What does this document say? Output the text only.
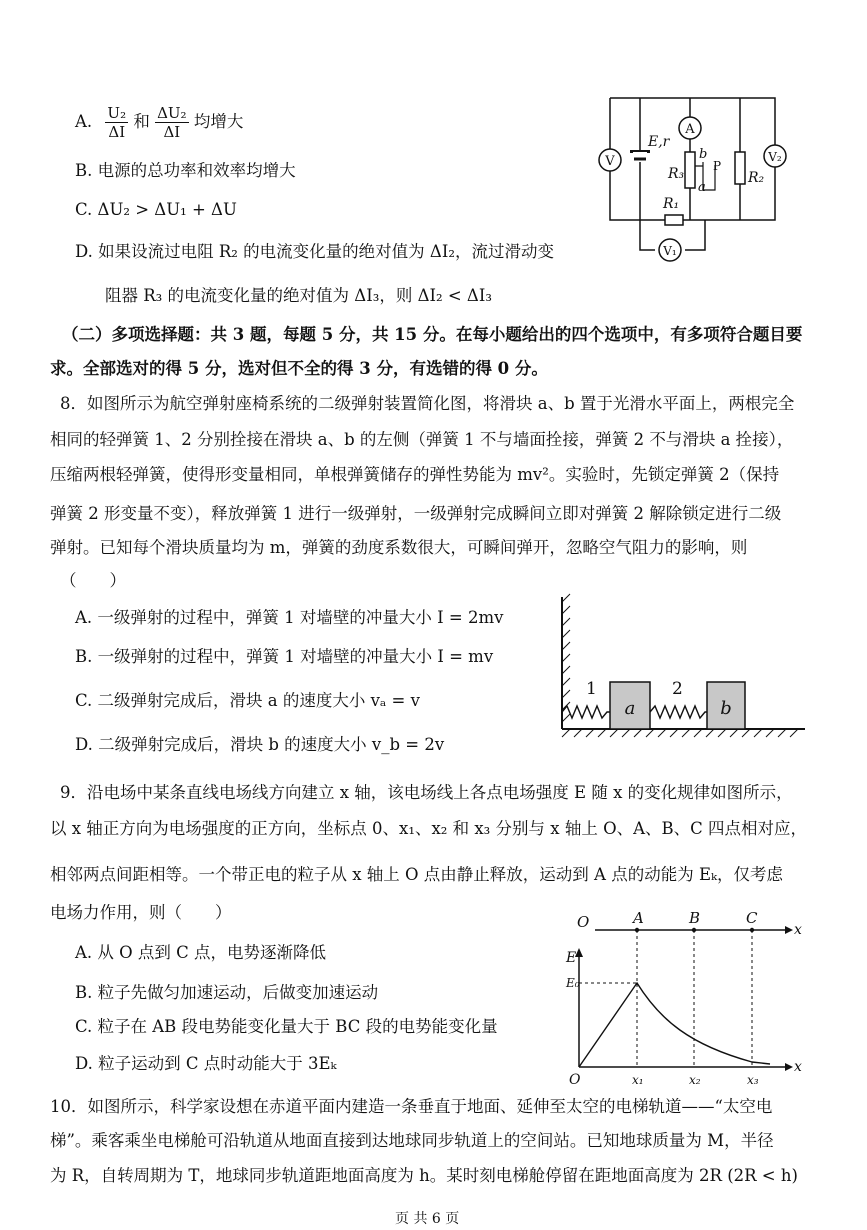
A. $\frac{\text{U₂}}{\Delta I}$ 和 $\frac{\text{ΔU₂}}{\Delta I}$ 均增大
B. 电源的总功率和效率均增大
C. ΔU₂ > ΔU₁ + ΔU
D. 如果设流过电阻 R₂ 的电流变化量的绝对值为 ΔI₂，流过滑动变
阻器 R₃ 的电流变化量的绝对值为 ΔI₃，则 ΔI₂ < ΔI₃
V
A
V₂
V₁
E,r
R₃	R₂
R₁
b
P
a
（二）多项选择题：共 3 题，每题 5 分，共 15 分。在每小题给出的四个选项中，有多项符合题目要
求。全部选对的得 5 分，选对但不全的得 3 分，有选错的得 0 分。
8．如图所示为航空弹射座椅系统的二级弹射装置简化图，将滑块 a、b 置于光滑水平面上，两根完全
相同的轻弹簧 1、2 分别拴接在滑块 a、b 的左侧（弹簧 1 不与墙面拴接，弹簧 2 不与滑块 a 拴接），
压缩两根轻弹簧，使得形变量相同，单根弹簧储存的弹性势能为 mv²。实验时，先锁定弹簧 2（保持
弹簧 2 形变量不变），释放弹簧 1 进行一级弹射，一级弹射完成瞬间立即对弹簧 2 解除锁定进行二级
弹射。已知每个滑块质量均为 m，弹簧的劲度系数很大，可瞬间弹开，忽略空气阻力的影响，则
（　　）
A. 一级弹射的过程中，弹簧 1 对墙壁的冲量大小 I = 2mv
B. 一级弹射的过程中，弹簧 1 对墙壁的冲量大小 I = mv
C. 二级弹射完成后，滑块 a 的速度大小 vₐ = v
D. 二级弹射完成后，滑块 b 的速度大小 v_b = 2v
1	2
a	b
9．沿电场中某条直线电场线方向建立 x 轴，该电场线上各点电场强度 E 随 x 的变化规律如图所示，
以 x 轴正方向为电场强度的正方向，坐标点 0、x₁、x₂ 和 x₃ 分别与 x 轴上 O、A、B、C 四点相对应，
相邻两点间距相等。一个带正电的粒子从 x 轴上 O 点由静止释放，运动到 A 点的动能为 Eₖ，仅考虑
电场力作用，则（　　）
A. 从 O 点到 C 点，电势逐渐降低
B. 粒子先做匀加速运动，后做变加速运动
C. 粒子在 AB 段电势能变化量大于 BC 段的电势能变化量
D. 粒子运动到 C 点时动能大于 3Eₖ
O	A	B	C
x
E
E₀
O	x₁	x₂	x₃
x
10．如图所示，科学家设想在赤道平面内建造一条垂直于地面、延伸至太空的电梯轨道——“太空电
梯”。乘客乘坐电梯舱可沿轨道从地面直接到达地球同步轨道上的空间站。已知地球质量为 M，半径
为 R，自转周期为 T，地球同步轨道距地面高度为 h。某时刻电梯舱停留在距地面高度为 2R (2R < h)
页 共 6 页
